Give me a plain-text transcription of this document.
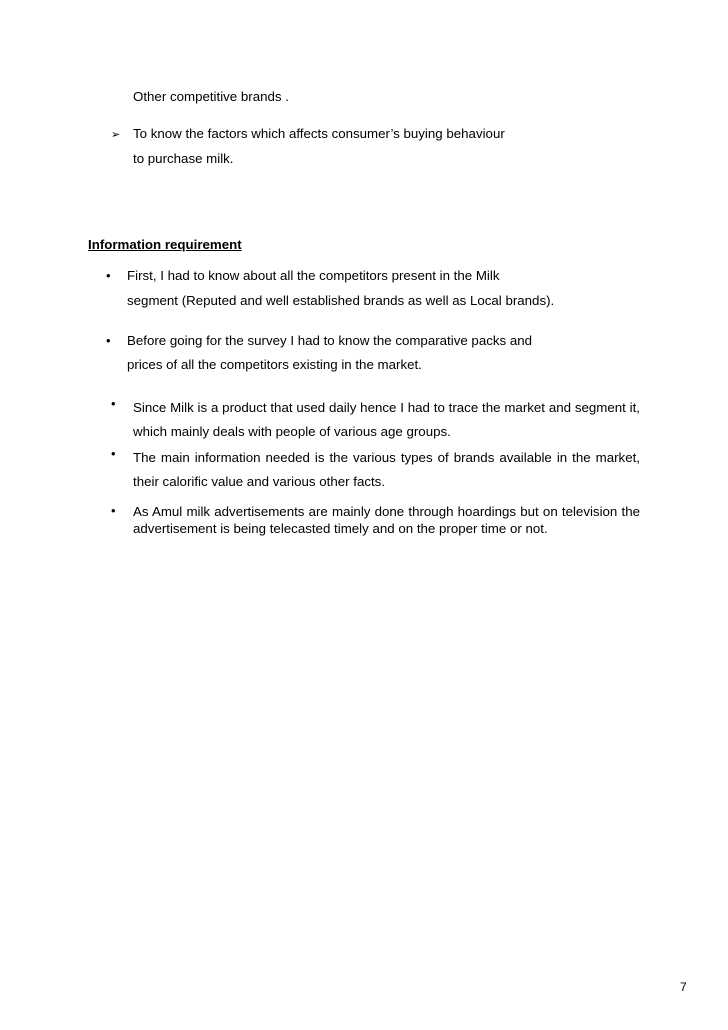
Other competitive brands .
➢ To know the factors which affects consumer’s buying behaviour
to purchase milk.
Information requirement
• First, I had to know about all the competitors present in the Milk
segment (Reputed and well established brands as well as Local brands).
• Before going for the survey I had to know the comparative packs and
prices of all the competitors existing in the market.
• Since Milk is a product that used daily hence I had to trace the market and segment it, which mainly deals with people of various age groups.
• The main information needed is the various types of brands available in the market, their calorific value and various other facts.
• As Amul milk advertisements are mainly done through hoardings but on television the advertisement is being telecasted timely and on the proper time or not.
7
